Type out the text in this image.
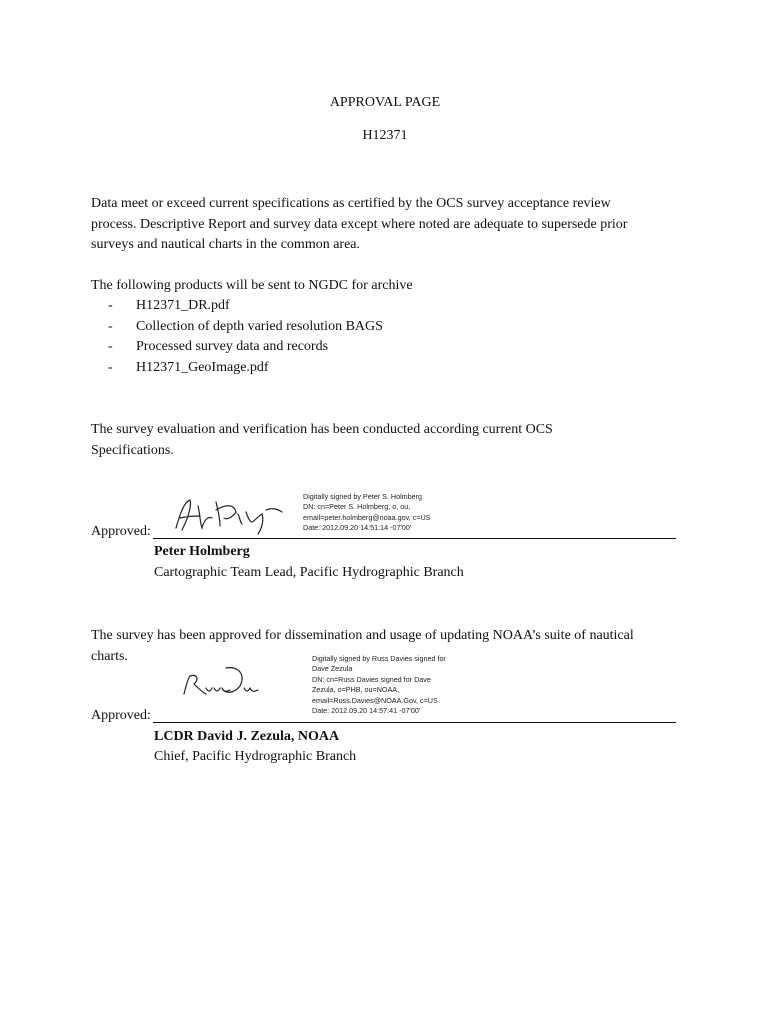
APPROVAL PAGE
H12371
Data meet or exceed current specifications as certified by the OCS survey acceptance review
process. Descriptive Report and survey data except where noted are adequate to supersede prior
surveys and nautical charts in the common area.
The following products will be sent to NGDC for archive
- H12371_DR.pdf
- Collection of depth varied resolution BAGS
- Processed survey data and records
- H12371_GeoImage.pdf
The survey evaluation and verification has been conducted according current OCS
Specifications.
Digitally signed by Peter S. Holmberg
DN: cn=Peter S. Holmberg, o, ou,
email=peter.holmberg@noaa.gov, c=US
Date: 2012.09.20 14:51:14 -07'00'
Approved:
Peter Holmberg
Cartographic Team Lead, Pacific Hydrographic Branch
The survey has been approved for dissemination and usage of updating NOAA’s suite of nautical
charts.	Digitally signed by Russ Davies signed for
Dave Zezula
DN: cn=Russ Davies signed for Dave
Zezula, o=PHB, ou=NOAA,
email=Russ.Davies@NOAA.Gov, c=US
Date: 2012.09.20 14:57:41 -07'00'
Approved:
LCDR David J. Zezula, NOAA
Chief, Pacific Hydrographic Branch
